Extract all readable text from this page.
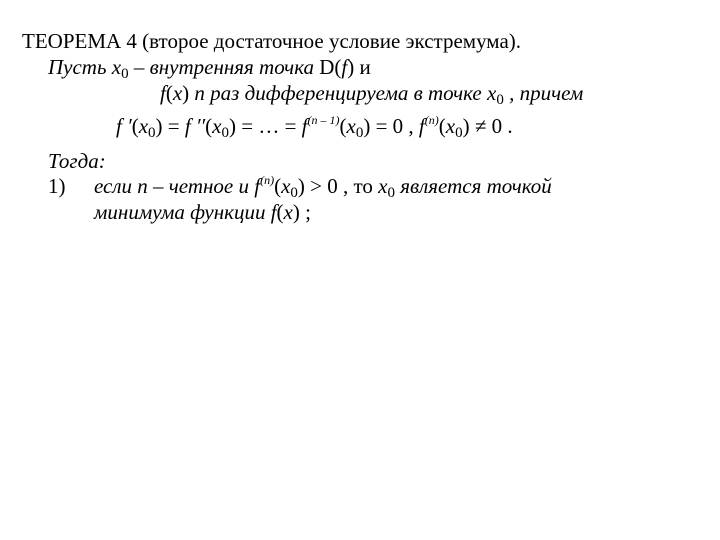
ТЕОРЕМА 4 (второе достаточное условие экстремума).
Пусть $x_0$ – внутренняя точка D(f) и
f(x) n раз дифференцируема в точке $x_0$ , причем
f $'(x_0) = f$ $''(x_0)$ = … = $f^{(n - 1)}(x_0) = 0$ , $f^{(n)}(x_0) \ne 0$ .
Тогда:
1) если n – четное и $f^{(n)}(x_0) > 0$ , то $x_0$ является точкой
минимума функции f(x) ;
